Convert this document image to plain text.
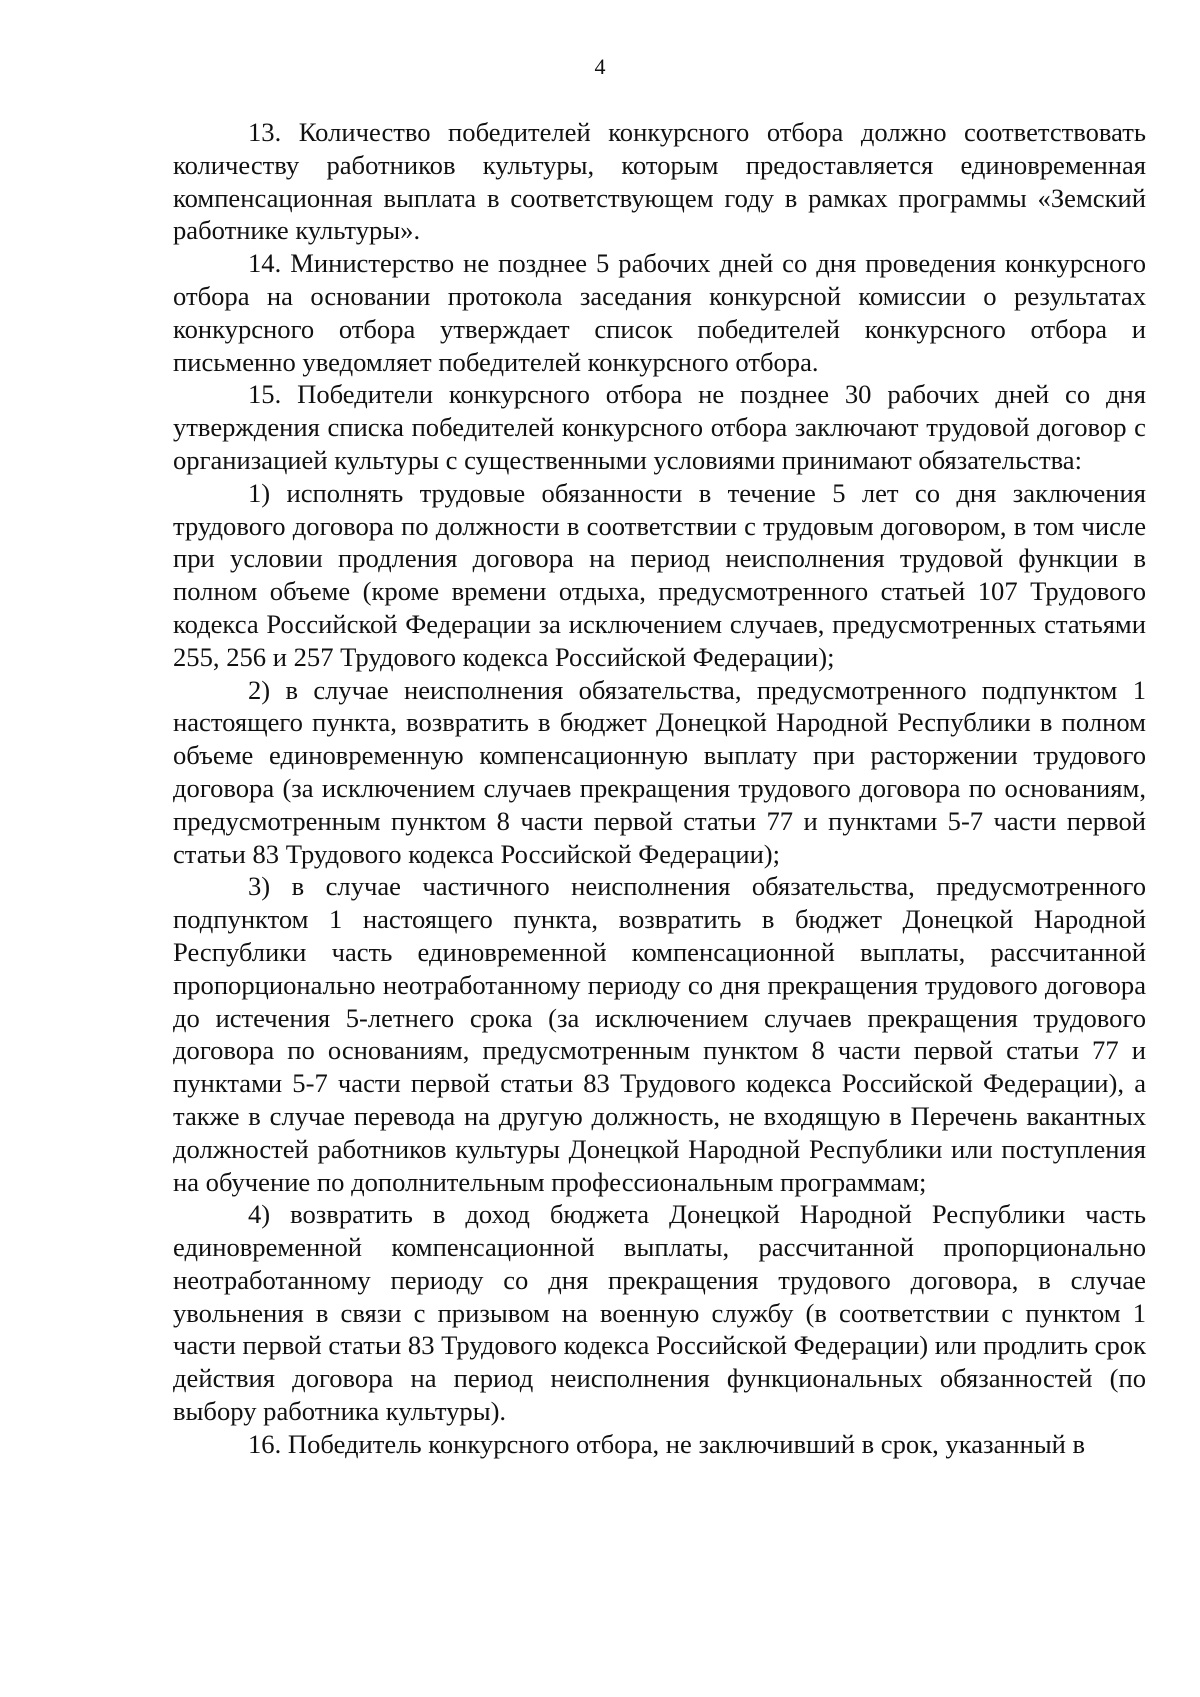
4

13. Количество победителей конкурсного отбора должно соответствовать количеству работников культуры, которым предоставляется единовременная компенсационная выплата в соответствующем году в рамках программы «Земский работнике культуры».

14. Министерство не позднее 5 рабочих дней со дня проведения конкурсного отбора на основании протокола заседания конкурсной комиссии о результатах конкурсного отбора утверждает список победителей конкурсного отбора и письменно уведомляет победителей конкурсного отбора.

15. Победители конкурсного отбора не позднее 30 рабочих дней со дня утверждения списка победителей конкурсного отбора заключают трудовой договор с организацией культуры с существенными условиями принимают обязательства:

1) исполнять трудовые обязанности в течение 5 лет со дня заключения трудового договора по должности в соответствии с трудовым договором, в том числе при условии продления договора на период неисполнения трудовой функции в полном объеме (кроме времени отдыха, предусмотренного статьей 107 Трудового кодекса Российской Федерации за исключением случаев, предусмотренных статьями 255, 256 и 257 Трудового кодекса Российской Федерации);

2) в случае неисполнения обязательства, предусмотренного подпунктом 1 настоящего пункта, возвратить в бюджет Донецкой Народной Республики в полном объеме единовременную компенсационную выплату при расторжении трудового договора (за исключением случаев прекращения трудового договора по основаниям, предусмотренным пунктом 8 части первой статьи 77 и пунктами 5-7 части первой статьи 83 Трудового кодекса Российской Федерации);

3) в случае частичного неисполнения обязательства, предусмотренного подпунктом 1 настоящего пункта, возвратить в бюджет Донецкой Народной Республики часть единовременной компенсационной выплаты, рассчитанной пропорционально неотработанному периоду со дня прекращения трудового договора до истечения 5-летнего срока (за исключением случаев прекращения трудового договора по основаниям, предусмотренным пунктом 8 части первой статьи 77 и пунктами 5-7 части первой статьи 83 Трудового кодекса Российской Федерации), а также в случае перевода на другую должность, не входящую в Перечень вакантных должностей работников культуры Донецкой Народной Республики или поступления на обучение по дополнительным профессиональным программам;

4) возвратить в доход бюджета Донецкой Народной Республики часть единовременной компенсационной выплаты, рассчитанной пропорционально неотработанному периоду со дня прекращения трудового договора, в случае увольнения в связи с призывом на военную службу (в соответствии с пунктом 1 части первой статьи 83 Трудового кодекса Российской Федерации) или продлить срок действия договора на период неисполнения функциональных обязанностей (по выбору работника культуры).

16. Победитель конкурсного отбора, не заключивший в срок, указанный в
